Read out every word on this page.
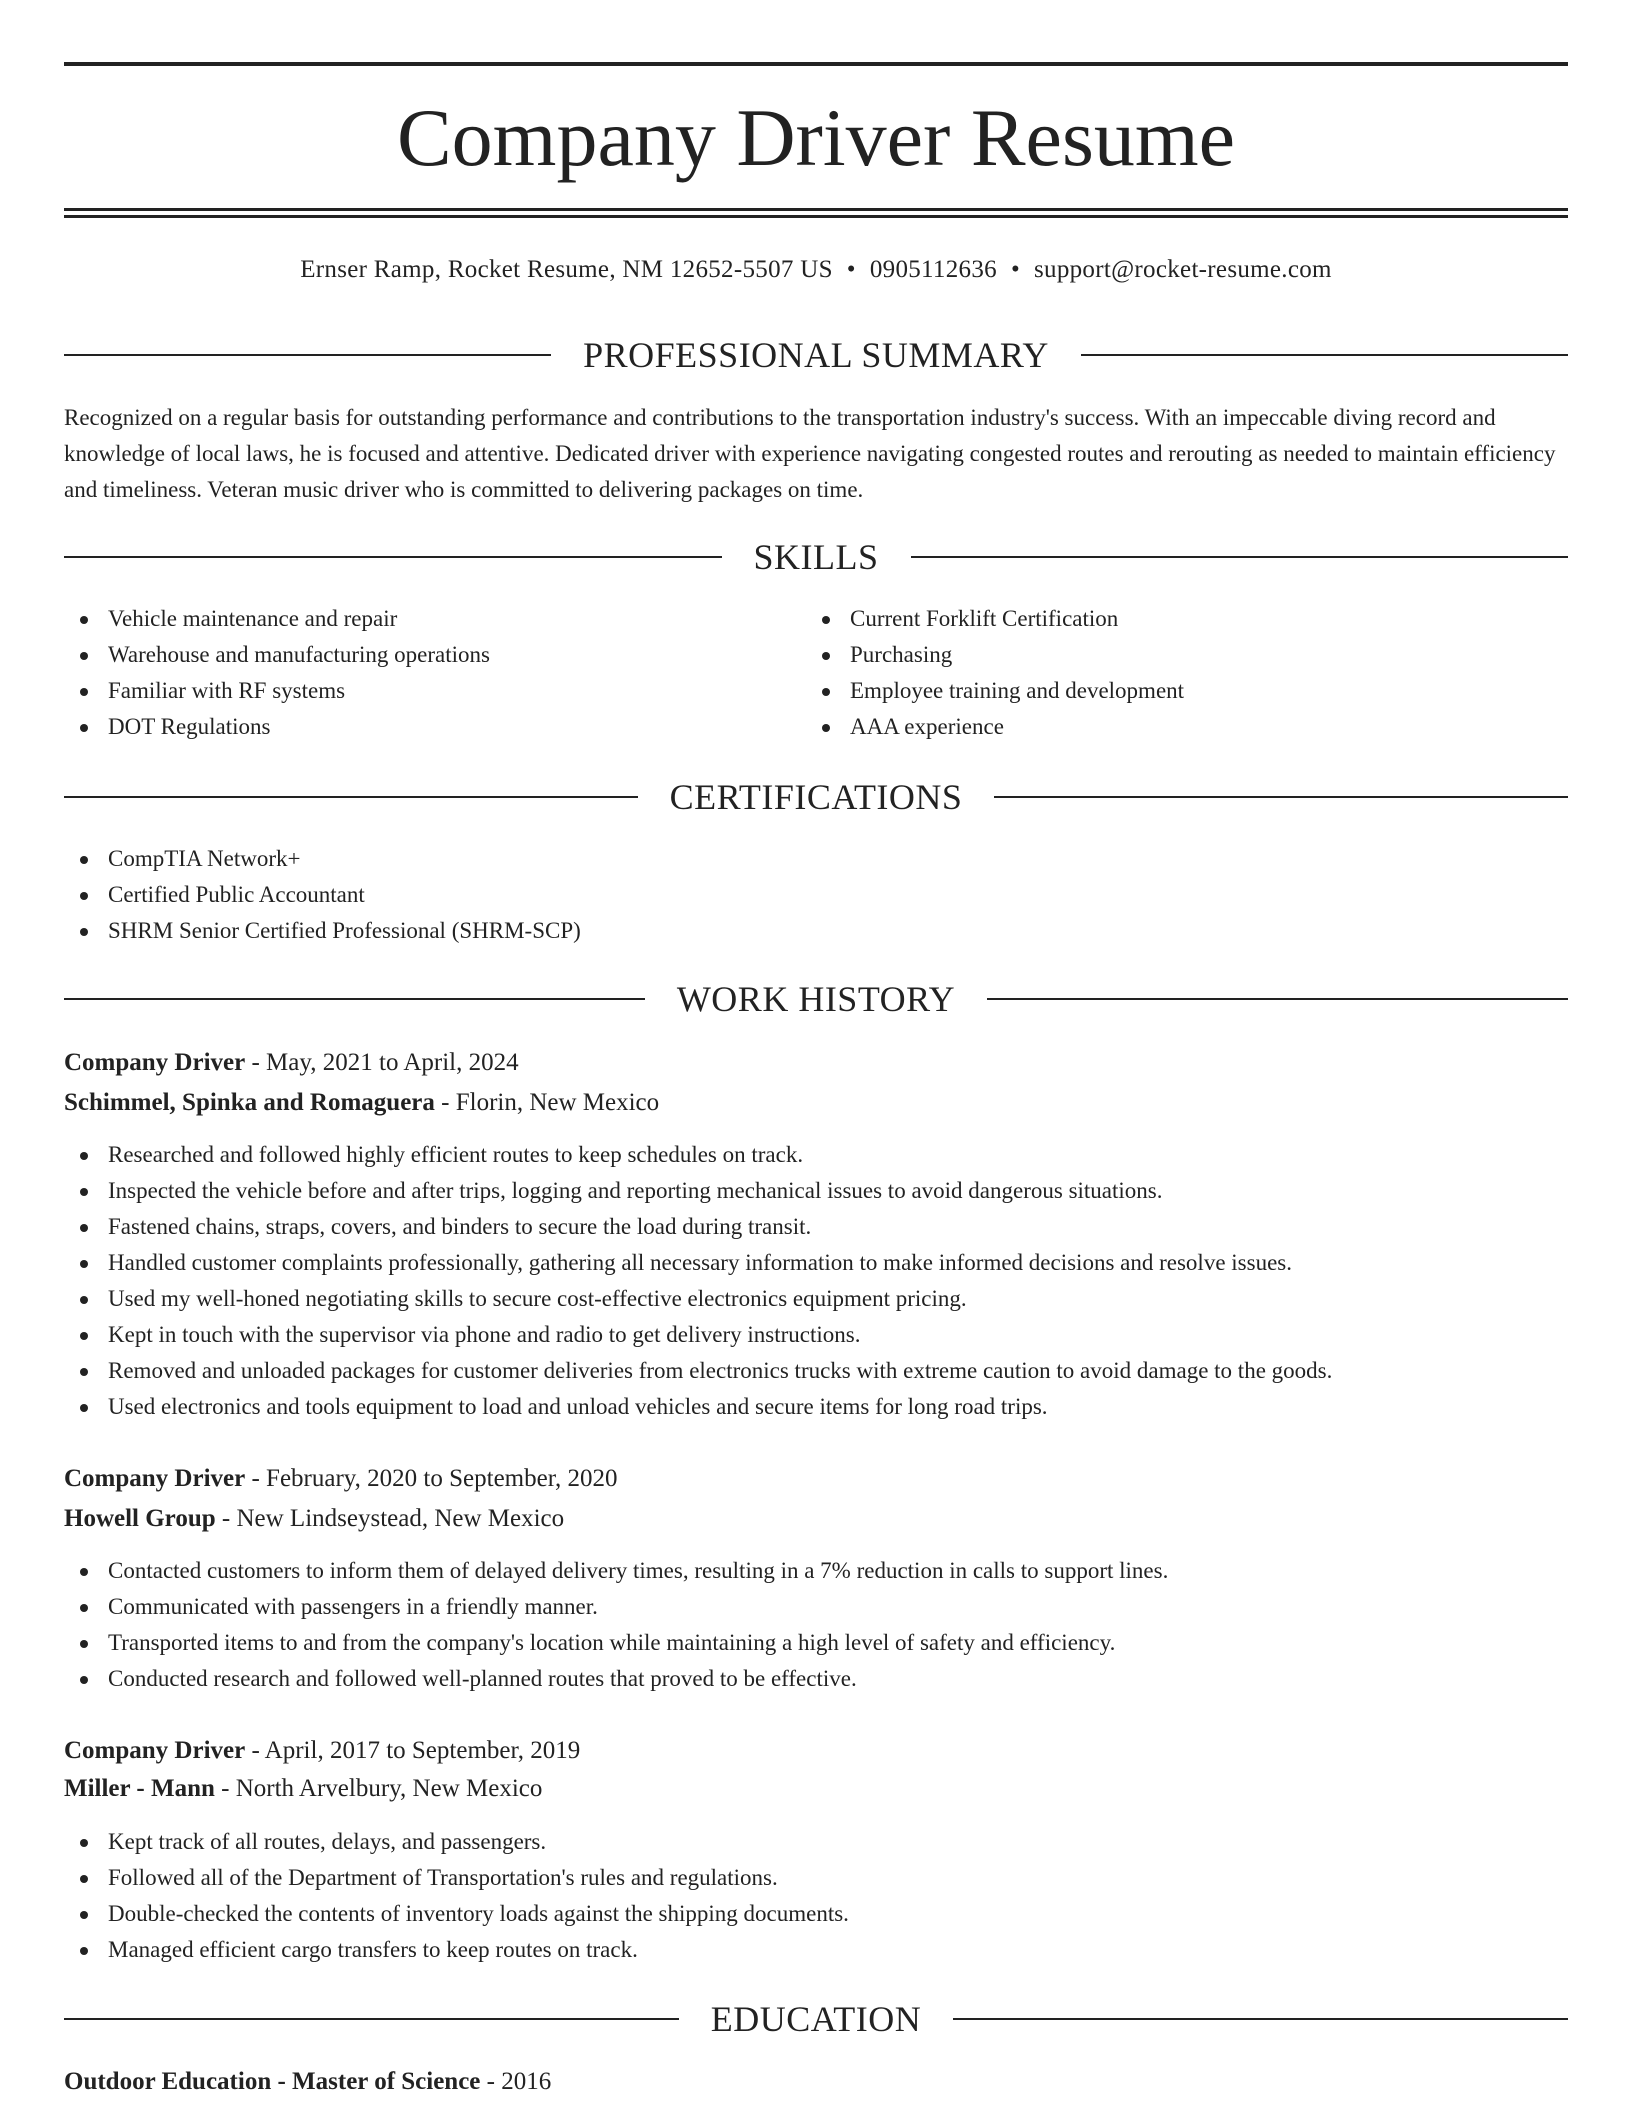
Company Driver Resume
Ernser Ramp, Rocket Resume, NM 12652-5507 US • 0905112636 • support@rocket-resume.com
PROFESSIONAL SUMMARY

Recognized on a regular basis for outstanding performance and contributions to the transportation industry's success. With an impeccable diving record and knowledge of local laws, he is focused and attentive. Dedicated driver with experience navigating congested routes and rerouting as needed to maintain efficiency and timeliness. Veteran music driver who is committed to delivering packages on time.

SKILLS
Vehicle maintenance and repair
Warehouse and manufacturing operations
Familiar with RF systems
DOT Regulations
Current Forklift Certification
Purchasing
Employee training and development
AAA experience
CERTIFICATIONS
CompTIA Network+
Certified Public Accountant
SHRM Senior Certified Professional (SHRM-SCP)
WORK HISTORY
Company Driver - May, 2021 to April, 2024
Schimmel, Spinka and Romaguera - Florin, New Mexico
Researched and followed highly efficient routes to keep schedules on track.
Inspected the vehicle before and after trips, logging and reporting mechanical issues to avoid dangerous situations.
Fastened chains, straps, covers, and binders to secure the load during transit.
Handled customer complaints professionally, gathering all necessary information to make informed decisions and resolve issues.
Used my well-honed negotiating skills to secure cost-effective electronics equipment pricing.
Kept in touch with the supervisor via phone and radio to get delivery instructions.
Removed and unloaded packages for customer deliveries from electronics trucks with extreme caution to avoid damage to the goods.
Used electronics and tools equipment to load and unload vehicles and secure items for long road trips.
Company Driver - February, 2020 to September, 2020
Howell Group - New Lindseystead, New Mexico
Contacted customers to inform them of delayed delivery times, resulting in a 7% reduction in calls to support lines.
Communicated with passengers in a friendly manner.
Transported items to and from the company's location while maintaining a high level of safety and efficiency.
Conducted research and followed well-planned routes that proved to be effective.
Company Driver - April, 2017 to September, 2019
Miller - Mann - North Arvelbury, New Mexico
Kept track of all routes, delays, and passengers.
Followed all of the Department of Transportation's rules and regulations.
Double-checked the contents of inventory loads against the shipping documents.
Managed efficient cargo transfers to keep routes on track.
EDUCATION
Outdoor Education - Master of Science - 2016
